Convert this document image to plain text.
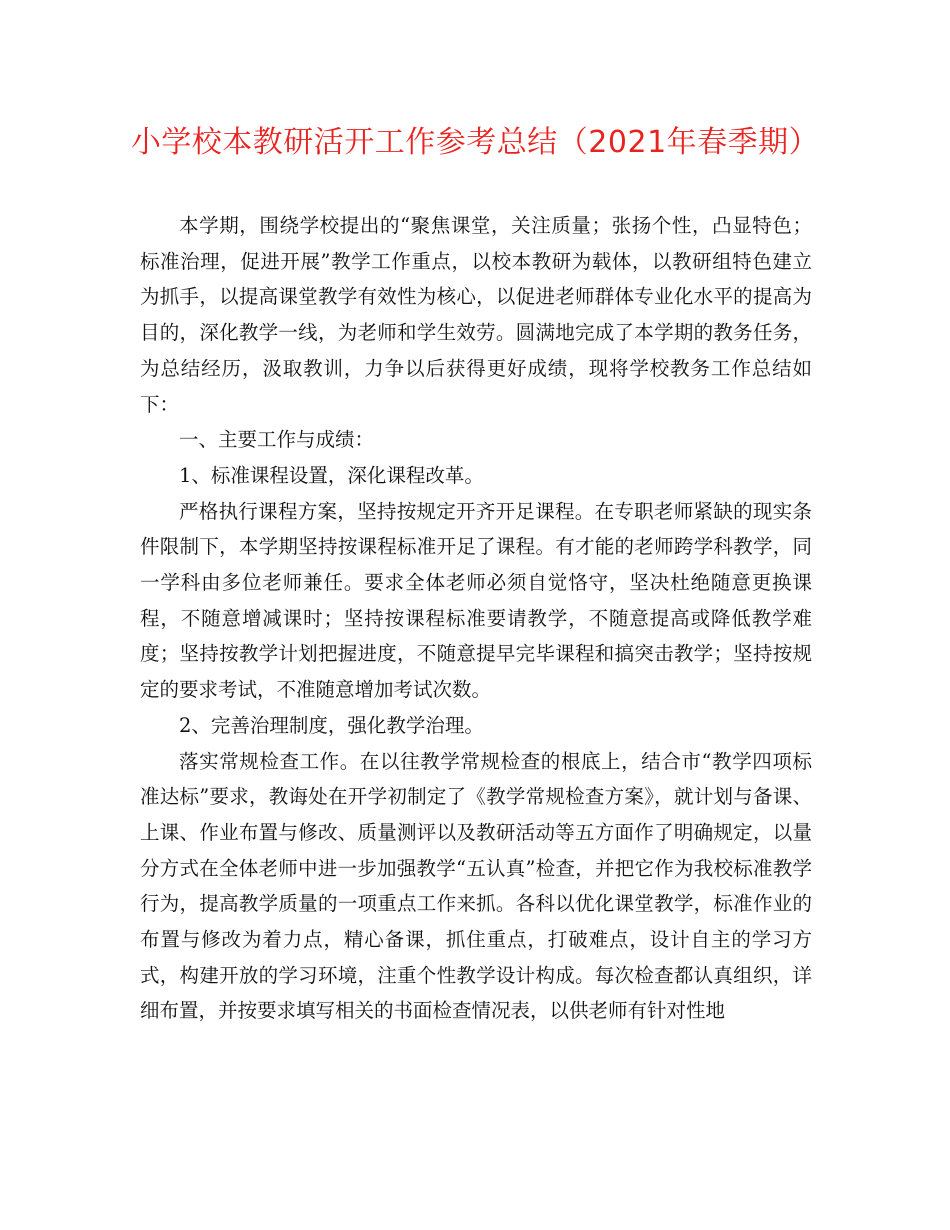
小学校本教研活开工作参考总结（2021年春季期）

本学期，围绕学校提出的“聚焦课堂，关注质量；张扬个性，凸显特色；标准治理，促进开展”教学工作重点，以校本教研为载体，以教研组特色建立为抓手，以提高课堂教学有效性为核心，以促进老师群体专业化水平的提高为目的，深化教学一线，为老师和学生效劳。圆满地完成了本学期的教务任务，为总结经历，汲取教训，力争以后获得更好成绩，现将学校教务工作总结如下：

一、主要工作与成绩：

1、标准课程设置，深化课程改革。

严格执行课程方案，坚持按规定开齐开足课程。在专职老师紧缺的现实条件限制下，本学期坚持按课程标准开足了课程。有才能的老师跨学科教学，同一学科由多位老师兼任。要求全体老师必须自觉恪守，坚决杜绝随意更换课程，不随意增减课时；坚持按课程标准要请教学，不随意提高或降低教学难度；坚持按教学计划把握进度，不随意提早完毕课程和搞突击教学；坚持按规定的要求考试，不准随意增加考试次数。

2、完善治理制度，强化教学治理。

落实常规检查工作。在以往教学常规检查的根底上，结合市“教学四项标准达标”要求，教诲处在开学初制定了《教学常规检查方案》，就计划与备课、上课、作业布置与修改、质量测评以及教研活动等五方面作了明确规定，以量分方式在全体老师中进一步加强教学“五认真”检查，并把它作为我校标准教学行为，提高教学质量的一项重点工作来抓。各科以优化课堂教学，标准作业的布置与修改为着力点，精心备课，抓住重点，打破难点，设计自主的学习方式，构建开放的学习环境，注重个性教学设计构成。每次检查都认真组织，详细布置，并按要求填写相关的书面检查情况表，以供老师有针对性地
